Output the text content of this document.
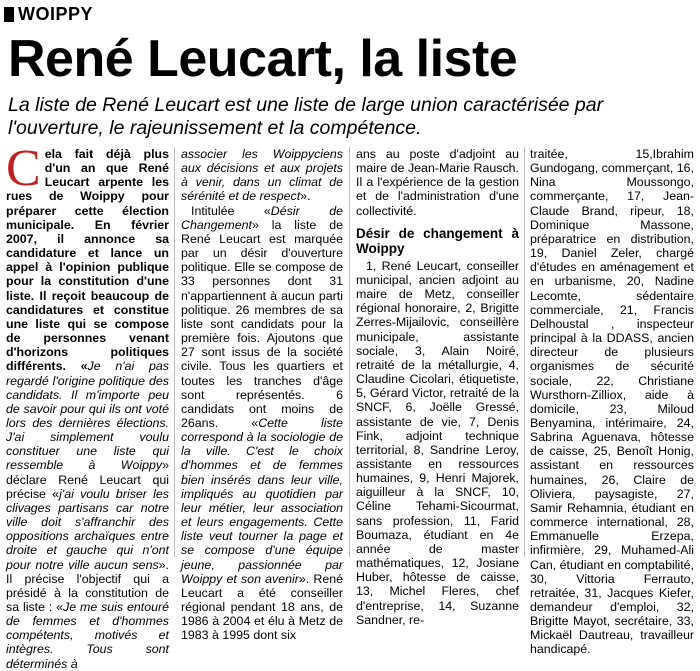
WOIPPY
René Leucart, la liste

La liste de René Leucart est une liste de large union caractérisée par l'ouverture, le rajeunissement et la compétence.

Cela fait déjà plus d'un an que René Leucart arpente les rues de Woippy pour préparer cette élection municipale. En février 2007, il annonce sa candidature et lance un appel à l'opinion publique pour la constitution d'une liste. Il reçoit beaucoup de candidatures et constitue une liste qui se compose de personnes venant d'horizons politiques différents. «Je n'ai pas regardé l'origine politique des candidats. Il m'importe peu de savoir pour qui ils ont voté lors des dernières élections. J'ai simplement voulu constituer une liste qui ressemble à Woippy» déclare René Leucart qui précise «j'ai voulu briser les clivages partisans car notre ville doit s'affranchir des oppositions archaïques entre droite et gauche qui n'ont pour notre ville aucun sens». Il précise l'objectif qui a présidé à la constitution de sa liste : «Je me suis entouré de femmes et d'hommes compétents, motivés et intègres. Tous sont déterminés à

associer les Woippyciens aux décisions et aux projets à venir, dans un climat de sérénité et de respect».

Intitulée «Désir de Changement» la liste de René Leucart est marquée par un désir d'ouverture politique. Elle se compose de 33 personnes dont 31 n'appartiennent à aucun parti politique. 26 membres de sa liste sont candidats pour la première fois. Ajoutons que 27 sont issus de la société civile. Tous les quartiers et toutes les tranches d'âge sont représentés. 6 candidats ont moins de 26ans. «Cette liste correspond à la sociologie de la ville. C'est le choix d'hommes et de femmes bien insérés dans leur ville, impliqués au quotidien par leur métier, leur association et leurs engagements. Cette liste veut tourner la page et se compose d'une équipe jeune, passionnée par Woippy et son avenir». René Leucart a été conseiller régional pendant 18 ans, de 1986 à 2004 et élu à Metz de 1983 à 1995 dont six

ans au poste d'adjoint au maire de Jean-Marie Rausch. Il a l'expérience de la gestion et de l'administration d'une collectivité.

Désir de changement à Woippy

1, René Leucart, conseiller municipal, ancien adjoint au maire de Metz, conseiller régional honoraire, 2, Brigitte Zerres-Mijailovic, conseillère municipale, assistante sociale, 3, Alain Noiré, retraité de la métallurgie, 4, Claudine Cicolari, étiquetiste, 5, Gérard Victor, retraité de la SNCF, 6, Joëlle Gressé, assistante de vie, 7, Denis Fink, adjoint technique territorial, 8, Sandrine Leroy, assistante en ressources humaines, 9, Henri Majorek, aiguilleur à la SNCF, 10, Céline Tehami-Sicourmat, sans profession, 11, Farid Boumaza, étudiant en 4e année de master mathématiques, 12, Josiane Huber, hôtesse de caisse, 13, Michel Fleres, chef d'entreprise, 14, Suzanne Sandner, re-

traitée, 15,Ibrahim Gundogang, commerçant, 16, Nina Moussongo, commerçante, 17, Jean-Claude Brand, ripeur, 18, Dominique Massone, préparatrice en distribution, 19, Daniel Zeler, chargé d'études en aménagement et en urbanisme, 20, Nadine Lecomte, sédentaire commerciale, 21, Francis Delhoustal , inspecteur principal à la DDASS, ancien directeur de plusieurs organismes de sécurité sociale, 22, Christiane Wursthorn-Zilliox, aide à domicile, 23, Miloud Benyamina, intérimaire, 24, Sabrina Aguenava, hôtesse de caisse, 25, Benoît Honig, assistant en ressources humaines, 26, Claire de Oliviera, paysagiste, 27, Samir Rehamnia, étudiant en commerce international, 28, Emmanuelle Erzepa, infirmière, 29, Muhamed-Ali Can, étudiant en comptabilité, 30, Vittoria Ferrauto, retraitée, 31, Jacques Kiefer, demandeur d'emploi, 32, Brigitte Mayot, secrétaire, 33, Mickaël Dautreau, travailleur handicapé.
